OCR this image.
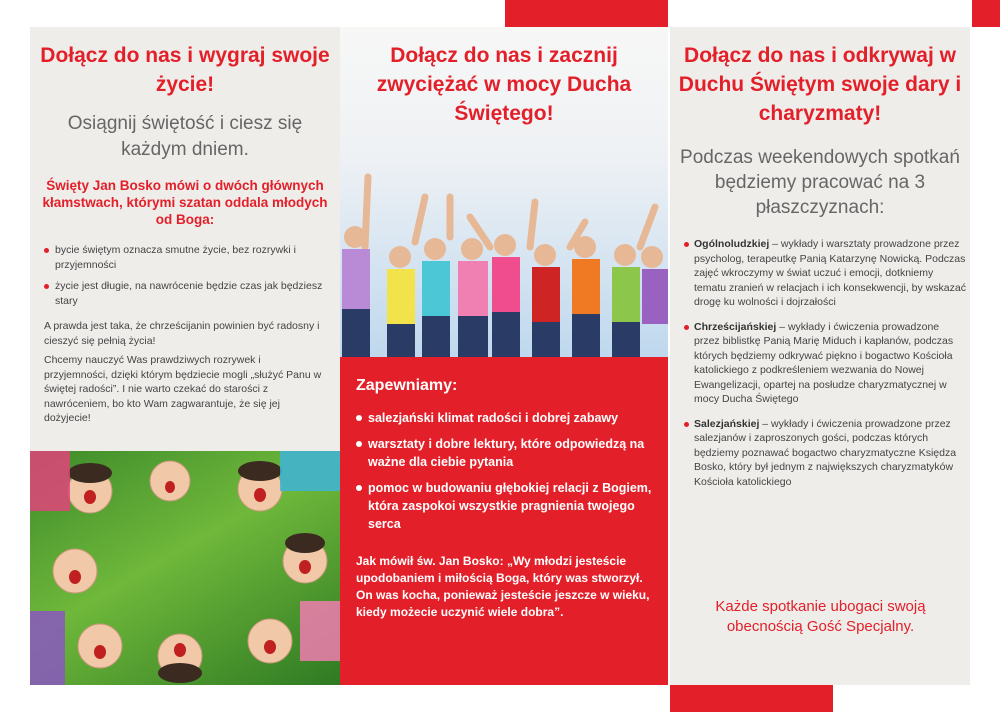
Dołącz do nas i wygraj swoje życie!
Osiągnij świętość i ciesz się każdym dniem.
Święty Jan Bosko mówi o dwóch głównych kłamstwach, którymi szatan oddala młodych od Boga:
bycie świętym oznacza smutne życie, bez rozrywki i przyjemności
życie jest długie, na nawrócenie będzie czas jak będziesz stary

A prawda jest taka, że chrześcijanin powinien być radosny i cieszyć się pełnią życia!

Chcemy nauczyć Was prawdziwych rozrywek i przyjemności, dzięki którym będziecie mogli „służyć Panu w świętej radości”. I nie warto czekać do starości z nawróceniem, bo kto Wam zagwarantuje, że się jej dożyjecie!

Dołącz do nas i zacznij zwyciężać w mocy Ducha Świętego!
Zapewniamy:
salezjański klimat radości i dobrej zabawy
warsztaty i dobre lektury, które odpowiedzą na ważne dla ciebie pytania
pomoc w budowaniu głębokiej relacji z Bogiem, która zaspokoi wszystkie pragnienia twojego serca

Jak mówił św. Jan Bosko: „Wy młodzi jesteście upodobaniem i miłością Boga, który was stworzył. On was kocha, ponieważ jesteście jeszcze w wieku, kiedy możecie uczynić wiele dobra”.

Dołącz do nas i odkrywaj w Duchu Świętym swoje dary i charyzmaty!
Podczas weekendowych spotkań będziemy pracować na 3 płaszczyznach:
Ogólnoludzkiej – wykłady i warsztaty prowadzone przez psycholog, terapeutkę Panią Katarzynę Nowicką. Podczas zajęć wkroczymy w świat uczuć i emocji, dotkniemy tematu zranień w relacjach i ich konsekwencji, by wskazać drogę ku wolności i dojrzałości
Chrześcijańskiej – wykłady i ćwiczenia prowadzone przez biblistkę Panią Marię Miduch i kapłanów, podczas których będziemy odkrywać piękno i bogactwo Kościoła katolickiego z podkreśleniem wezwania do Nowej Ewangelizacji, opartej na posłudze charyzmatycznej w mocy Ducha Świętego
Salezjańskiej – wykłady i ćwiczenia prowadzone przez salezjanów i zaproszonych gości, podczas których będziemy poznawać bogactwo charyzmatyczne Księdza Bosko, który był jednym z największych charyzmatyków Kościoła katolickiego
Każde spotkanie ubogaci swoją obecnością Gość Specjalny.
